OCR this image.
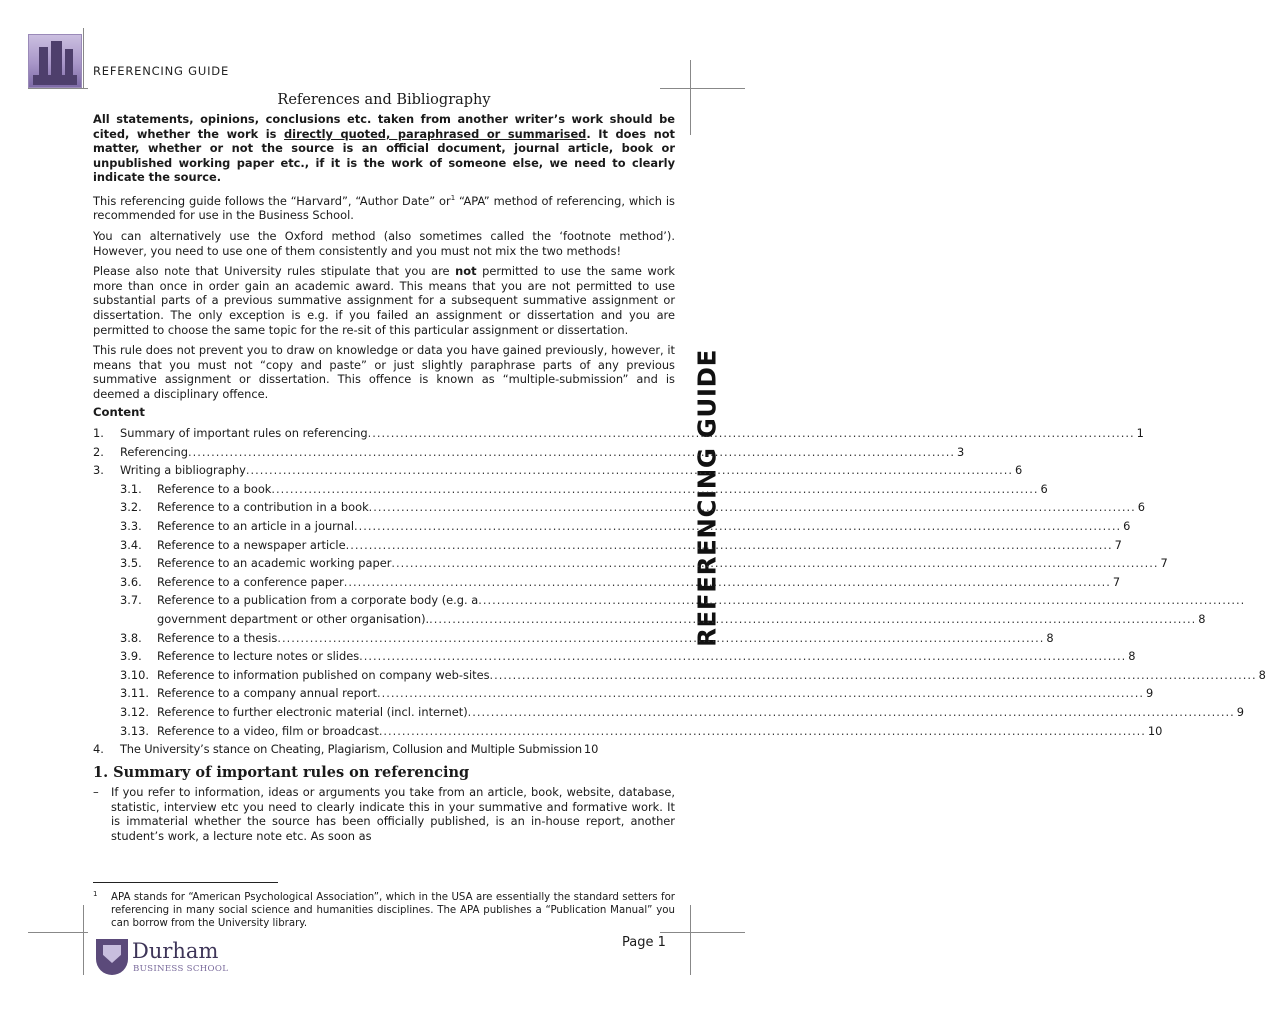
REFERENCING GUIDE
REFERENCING GUIDE
References and Bibliography

All statements, opinions, conclusions etc. taken from another writer’s work should be cited, whether the work is directly quoted, paraphrased or summarised. It does not matter, whether or not the source is an official document, journal article, book or unpublished working paper etc., if it is the work of someone else, we need to clearly indicate the source.

This referencing guide follows the “Harvard”, “Author Date” $or^1$ “APA” method of referencing, which is recommended for use in the Business School.

You can alternatively use the Oxford method (also sometimes called the ‘footnote method’). However, you need to use one of them consistently and you must not mix the two methods!

Please also note that University rules stipulate that you are not permitted to use the same work more than once in order gain an academic award. This means that you are not permitted to use substantial parts of a previous summative assignment for a subsequent summative assignment or dissertation. The only exception is e.g. if you failed an assignment or dissertation and you are permitted to choose the same topic for the re-sit of this particular assignment or dissertation.

This rule does not prevent you to draw on knowledge or data you have gained previously, however, it means that you must not “copy and paste” or just slightly paraphrase parts of any previous summative assignment or dissertation. This offence is known as “multiple-submission” and is deemed a disciplinary offence.

Content
1.	Summary of important rules on referencing .....	1
2.	Referencing .....	3
3.	Writing a bibliography .....	6
3.1.	Reference to a book .....	6
3.2.	Reference to a contribution in a book .....	6
3.3.	Reference to an article in a journal .....	6
3.4.	Reference to a newspaper article .....	7
3.5.	Reference to an academic working paper .....	7
3.6.	Reference to a conference paper .....	7
3.7.	Reference to a publication from a corporate body (e.g. a
.....
government department or other organisation). .....	8
3.8.	Reference to a thesis .....	8
3.9.	Reference to lecture notes or slides .....	8
3.10. Reference to information published on company web-sites .....	8
3.11. Reference to a company annual report .....	9
3.12. Reference to further electronic material (incl. internet) .....	9
3.13. Reference to a video, film or broadcast .....	10
4.	The University’s stance on Cheating, Plagiarism, Collusion and Multiple Submission 10
1. Summary of important rules on referencing

– If you refer to information, ideas or arguments you take from an article, book, website, database, statistic, interview etc you need to clearly indicate this in your summative and formative work. It is immaterial whether the source has been officially published, is an in-house report, another student’s work, a lecture note etc. As soon as

1	APA stands for “American Psychological Association”, which in the USA are essentially the standard setters for referencing in many social science and humanities disciplines. The APA publishes a “Publication Manual” you can borrow from the University library.
Durham
BUSINESS SCHOOL
Page 1
